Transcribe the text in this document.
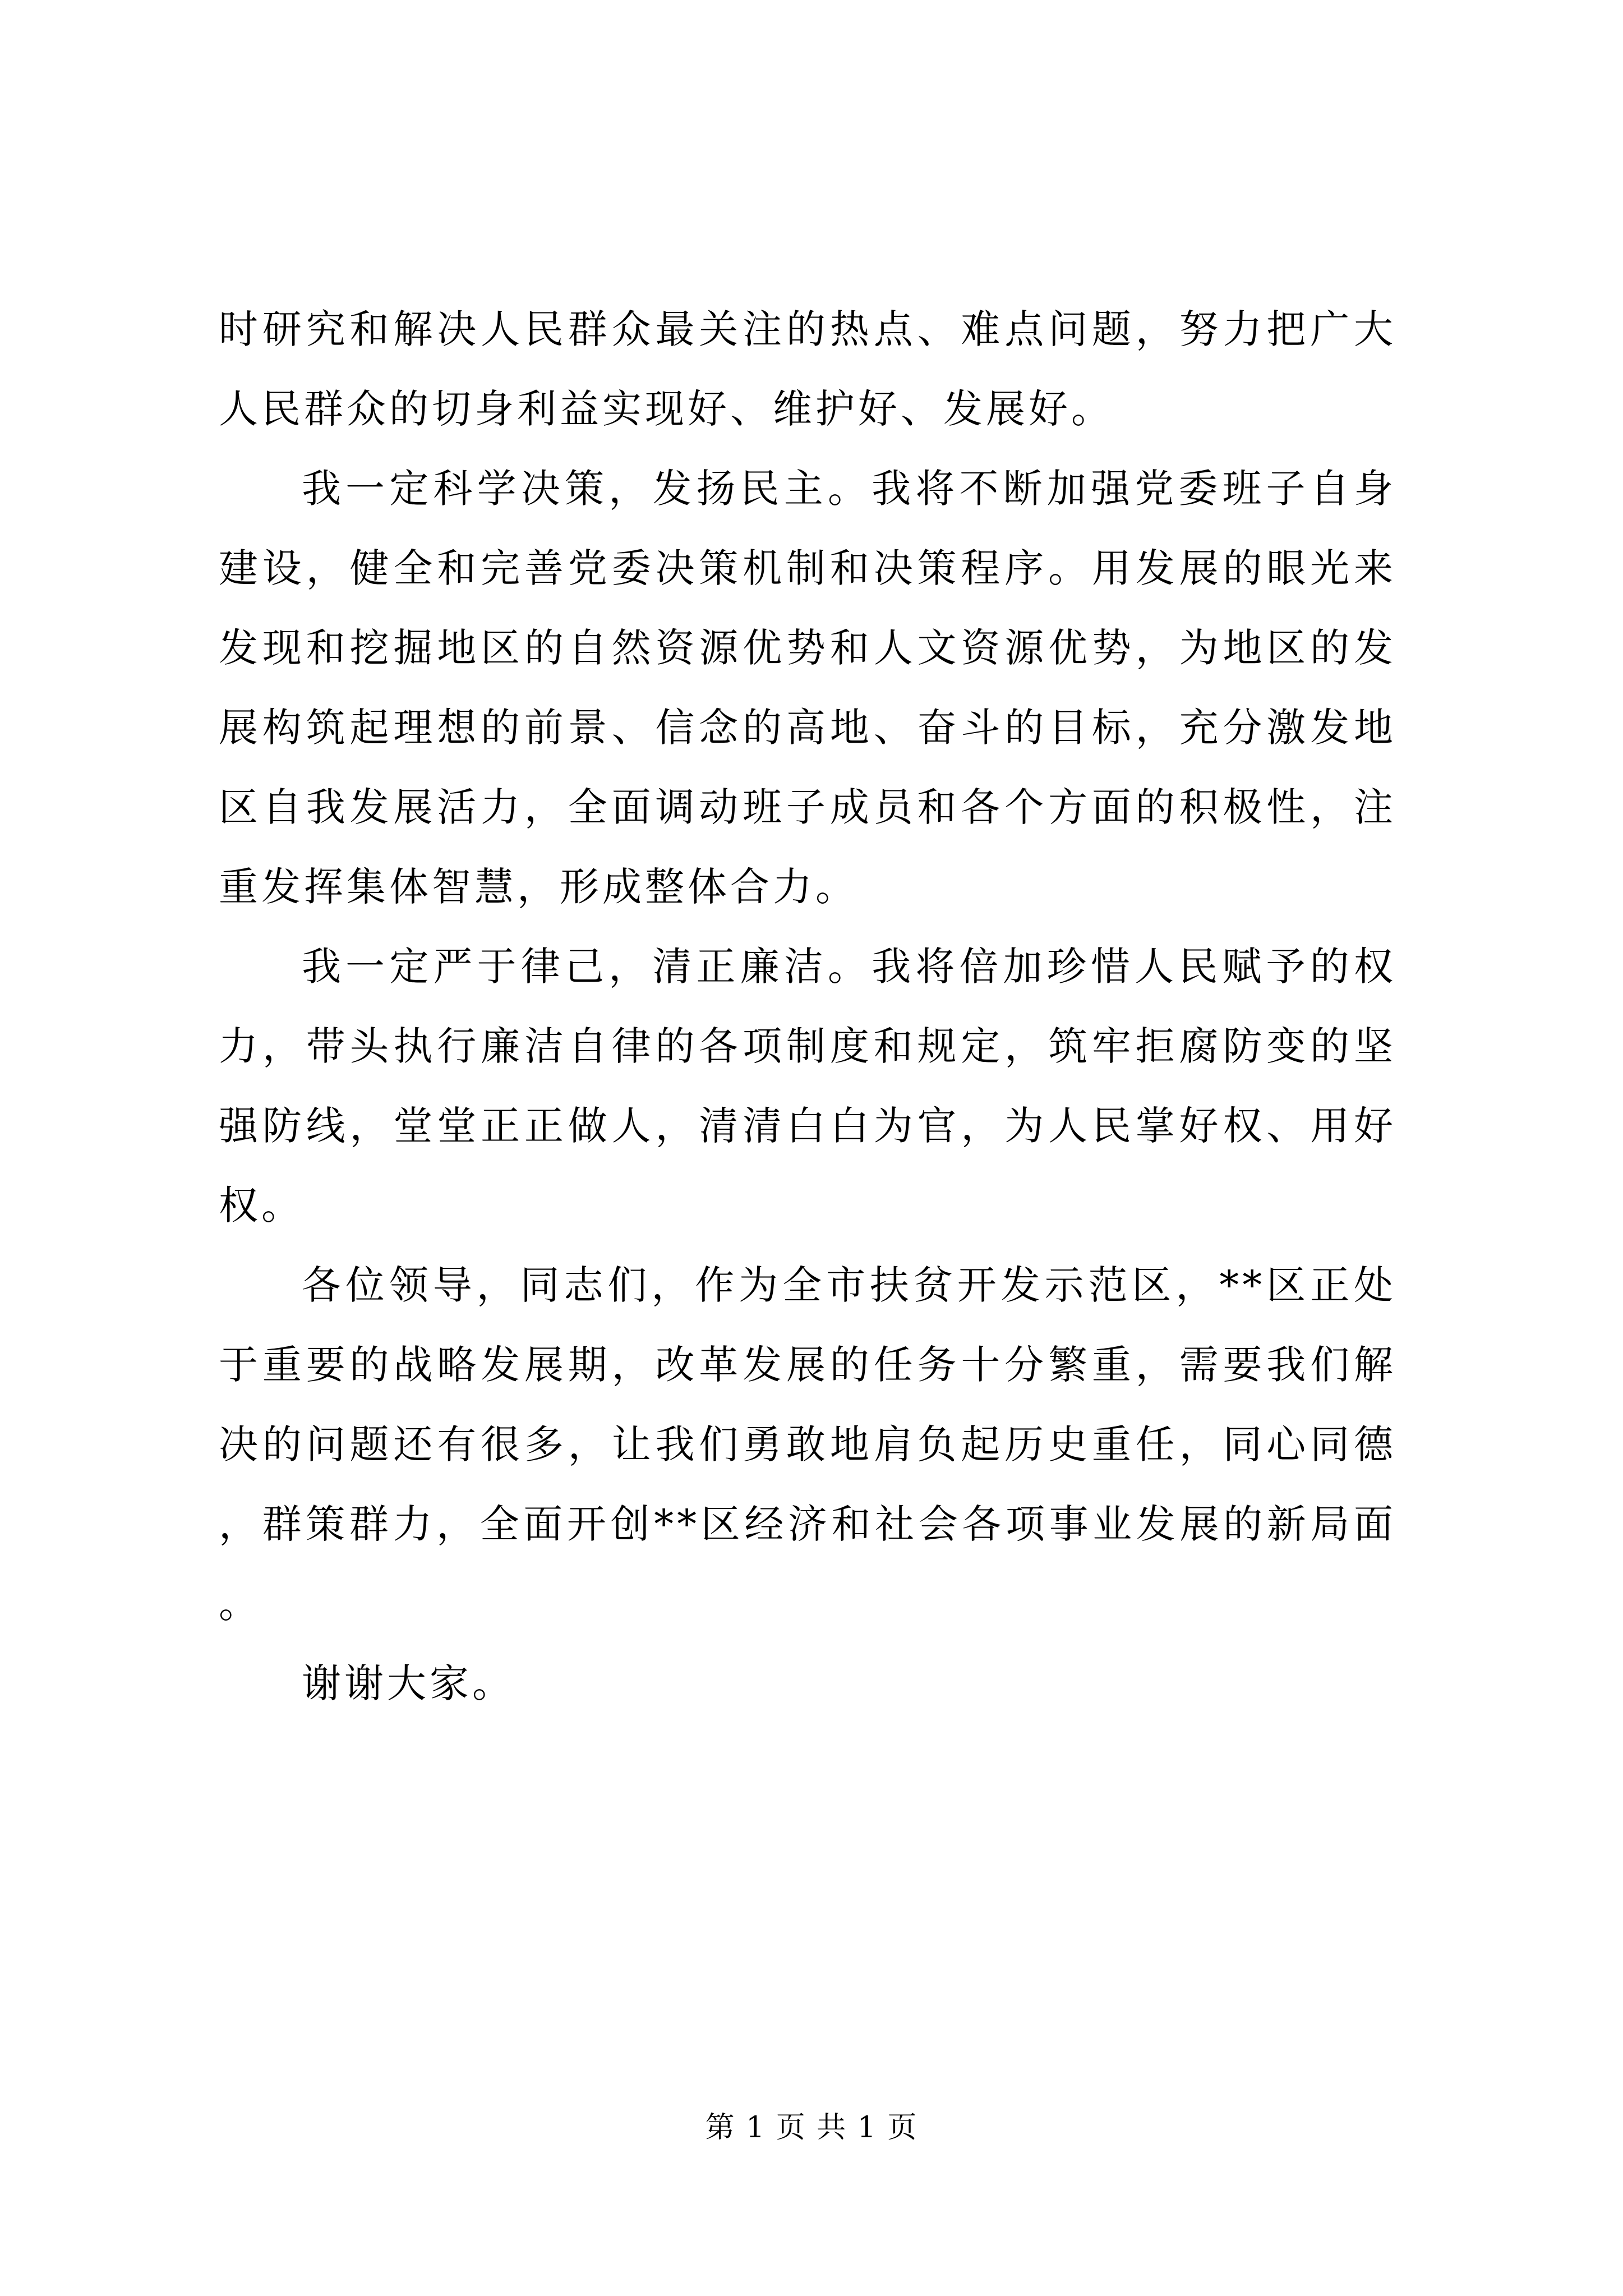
时研究和解决人民群众最关注的热点、难点问题，努力把广大人民群众的切身利益实现好、维护好、发展好。

我一定科学决策，发扬民主。我将不断加强党委班子自身建设，健全和完善党委决策机制和决策程序。用发展的眼光来发现和挖掘地区的自然资源优势和人文资源优势，为地区的发展构筑起理想的前景、信念的高地、奋斗的目标，充分激发地区自我发展活力，全面调动班子成员和各个方面的积极性，注重发挥集体智慧，形成整体合力。

我一定严于律己，清正廉洁。我将倍加珍惜人民赋予的权力，带头执行廉洁自律的各项制度和规定，筑牢拒腐防变的坚强防线，堂堂正正做人，清清白白为官，为人民掌好权、用好权。

各位领导，同志们，作为全市扶贫开发示范区，**区正处于重要的战略发展期，改革发展的任务十分繁重，需要我们解决的问题还有很多，让我们勇敢地肩负起历史重任，同心同德，群策群力，全面开创**区经济和社会各项事业发展的新局面。

谢谢大家。

第 1 页 共 1 页
